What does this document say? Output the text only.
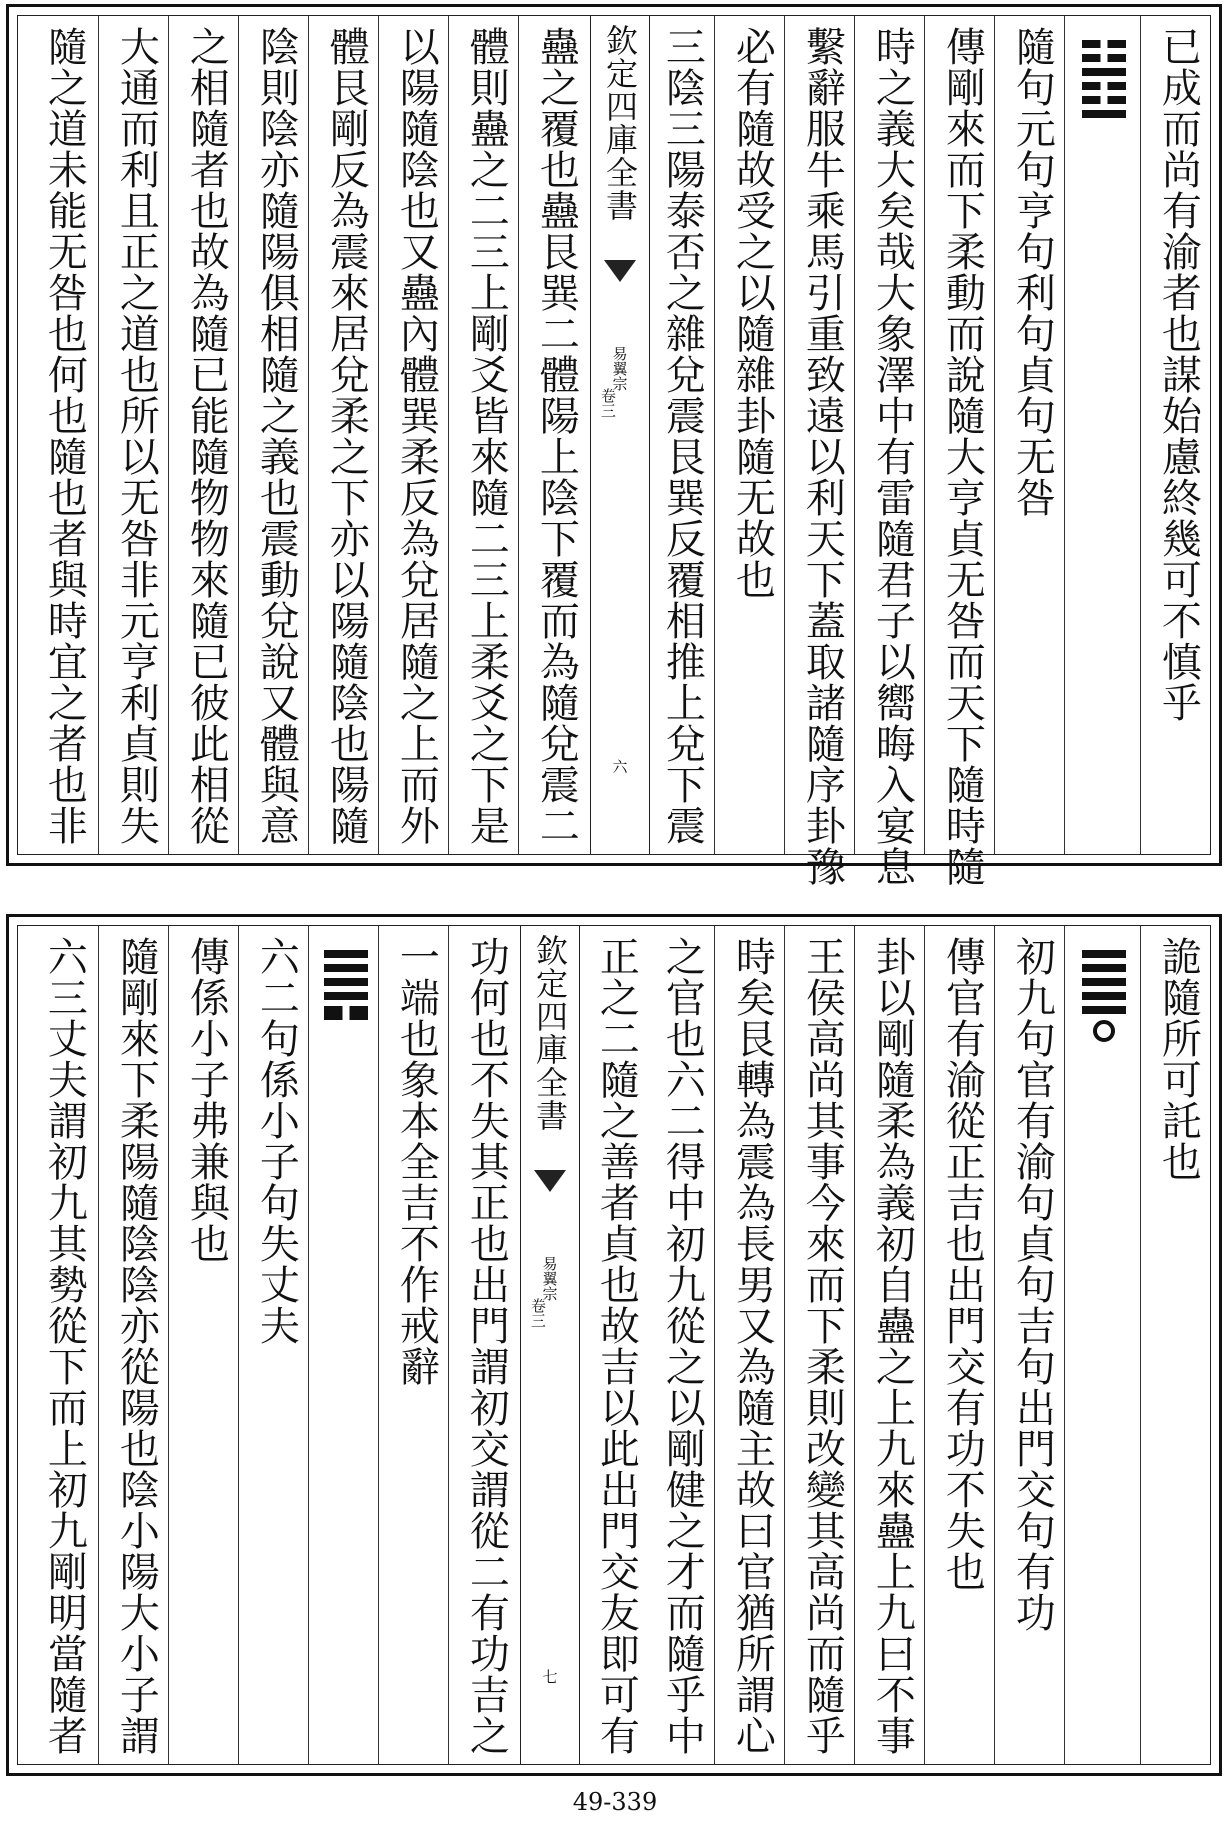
已成而尚有渝者也謀始慮終幾可不慎乎
隨句元句亨句利句貞句无咎
傳剛來而下柔動而說隨大亨貞无咎而天下隨時隨
時之義大矣哉大象澤中有雷隨君子以嚮晦入宴息
繫辭服牛乘馬引重致遠以利天下蓋取諸隨序卦豫
必有隨故受之以隨雜卦隨无故也
三陰三陽泰否之雜兌震艮巽反覆相推上兌下震
欽定四庫全書
易翼宗
卷三
六
蠱之覆也蠱艮巽二體陽上陰下覆而為隨兌震二
體則蠱之二三上剛爻皆來隨二三上柔爻之下是
以陽隨陰也又蠱內體巽柔反為兌居隨之上而外
體艮剛反為震來居兌柔之下亦以陽隨陰也陽隨
陰則陰亦隨陽俱相隨之義也震動兌說又體與意
之相隨者也故為隨已能隨物物來隨已彼此相從
大通而利且正之道也所以无咎非元亨利貞則失
隨之道未能无咎也何也隨也者與時宜之者也非
詭隨所可託也
初九句官有渝句貞句吉句出門交句有功
傳官有渝從正吉也出門交有功不失也
卦以剛隨柔為義初自蠱之上九來蠱上九曰不事
王侯高尚其事今來而下柔則改變其高尚而隨乎
時矣艮轉為震為長男又為隨主故曰官猶所謂心
之官也六二得中初九從之以剛健之才而隨乎中
正之二隨之善者貞也故吉以此出門交友即可有
欽定四庫全書
易翼宗
卷三
七
功何也不失其正也出門謂初交謂從二有功吉之
一端也象本全吉不作戒辭
六二句係小子句失丈夫
傳係小子弗兼與也
隨剛來下柔陽隨陰陰亦從陽也陰小陽大小子謂
六三丈夫謂初九其勢從下而上初九剛明當隨者
49-339
